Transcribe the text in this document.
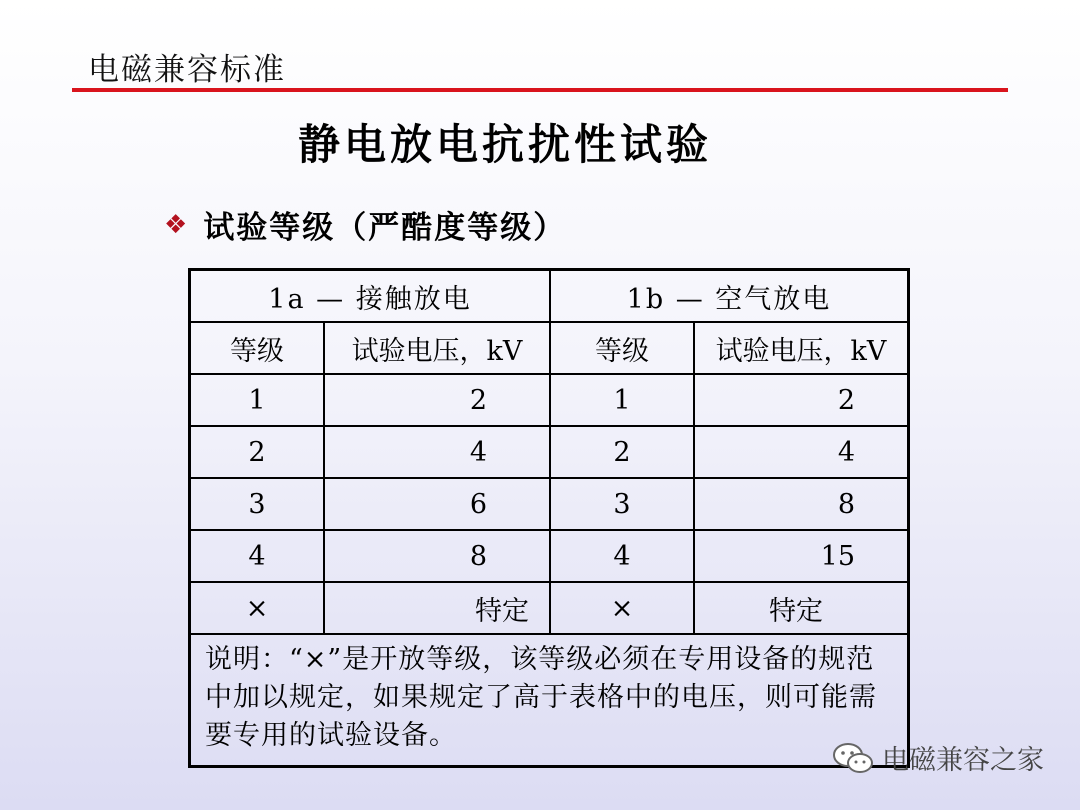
电磁兼容标准
静电放电抗扰性试验
❖ 试验等级（严酷度等级）
1a — 接触放电		1b — 空气放电	
等级	试验电压，kV	等级	试验电压，kV
1	2	1	2
2	4	2	4
3	6	3	8
4	8	4	15
×	特定	×	特定
说明：“×”是开放等级，该等级必须在专用设备的规范中加以规定，如果规定了高于表格中的电压，则可能需要专用的试验设备。			
电磁兼容之家
